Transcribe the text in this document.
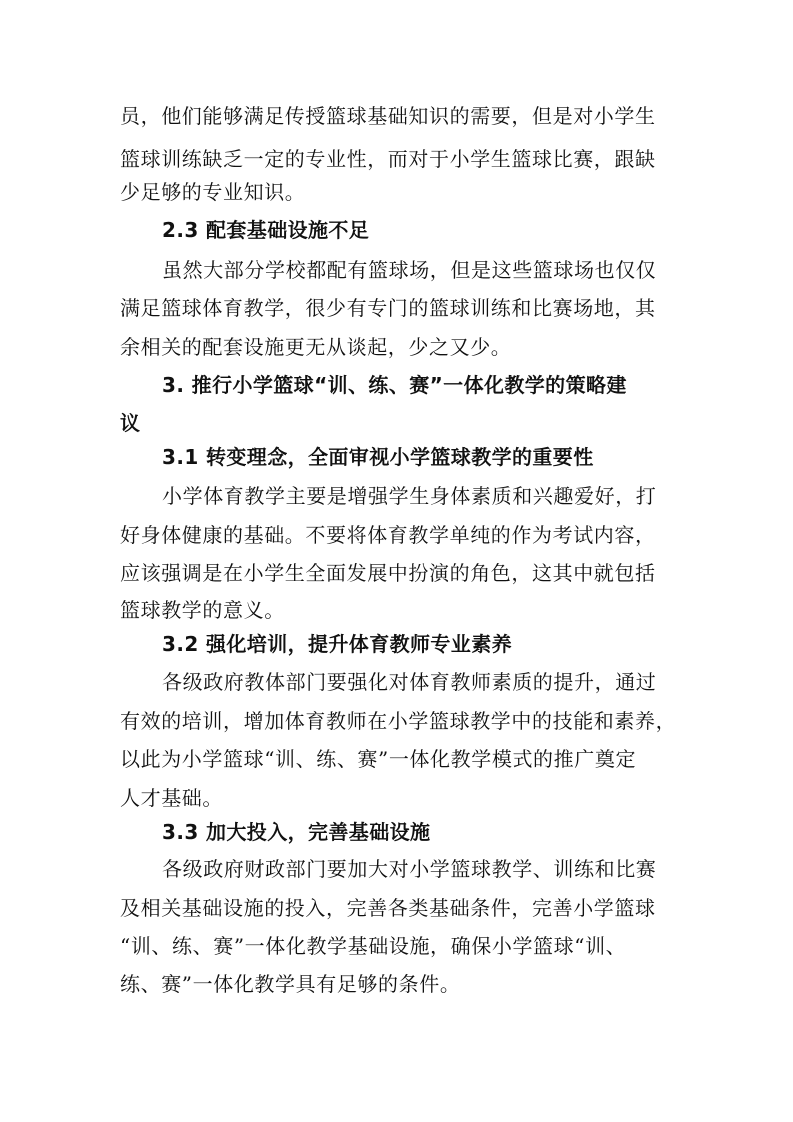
员，他们能够满足传授篮球基础知识的需要，但是对小学生
篮球训练缺乏一定的专业性，而对于小学生篮球比赛，跟缺
少足够的专业知识。
2.3 配套基础设施不足
虽然大部分学校都配有篮球场，但是这些篮球场也仅仅
满足篮球体育教学，很少有专门的篮球训练和比赛场地，其
余相关的配套设施更无从谈起，少之又少。
3. 推行小学篮球“训、练、赛”一体化教学的策略建
议
3.1 转变理念，全面审视小学篮球教学的重要性
小学体育教学主要是增强学生身体素质和兴趣爱好，打
好身体健康的基础。不要将体育教学单纯的作为考试内容，
应该强调是在小学生全面发展中扮演的角色，这其中就包括
篮球教学的意义。
3.2 强化培训，提升体育教师专业素养
各级政府教体部门要强化对体育教师素质的提升，通过
有效的培训，增加体育教师在小学篮球教学中的技能和素养，
以此为小学篮球“训、练、赛”一体化教学模式的推广奠定
人才基础。
3.3 加大投入，完善基础设施
各级政府财政部门要加大对小学篮球教学、训练和比赛
及相关基础设施的投入，完善各类基础条件，完善小学篮球
“训、练、赛”一体化教学基础设施，确保小学篮球“训、
练、赛”一体化教学具有足够的条件。
